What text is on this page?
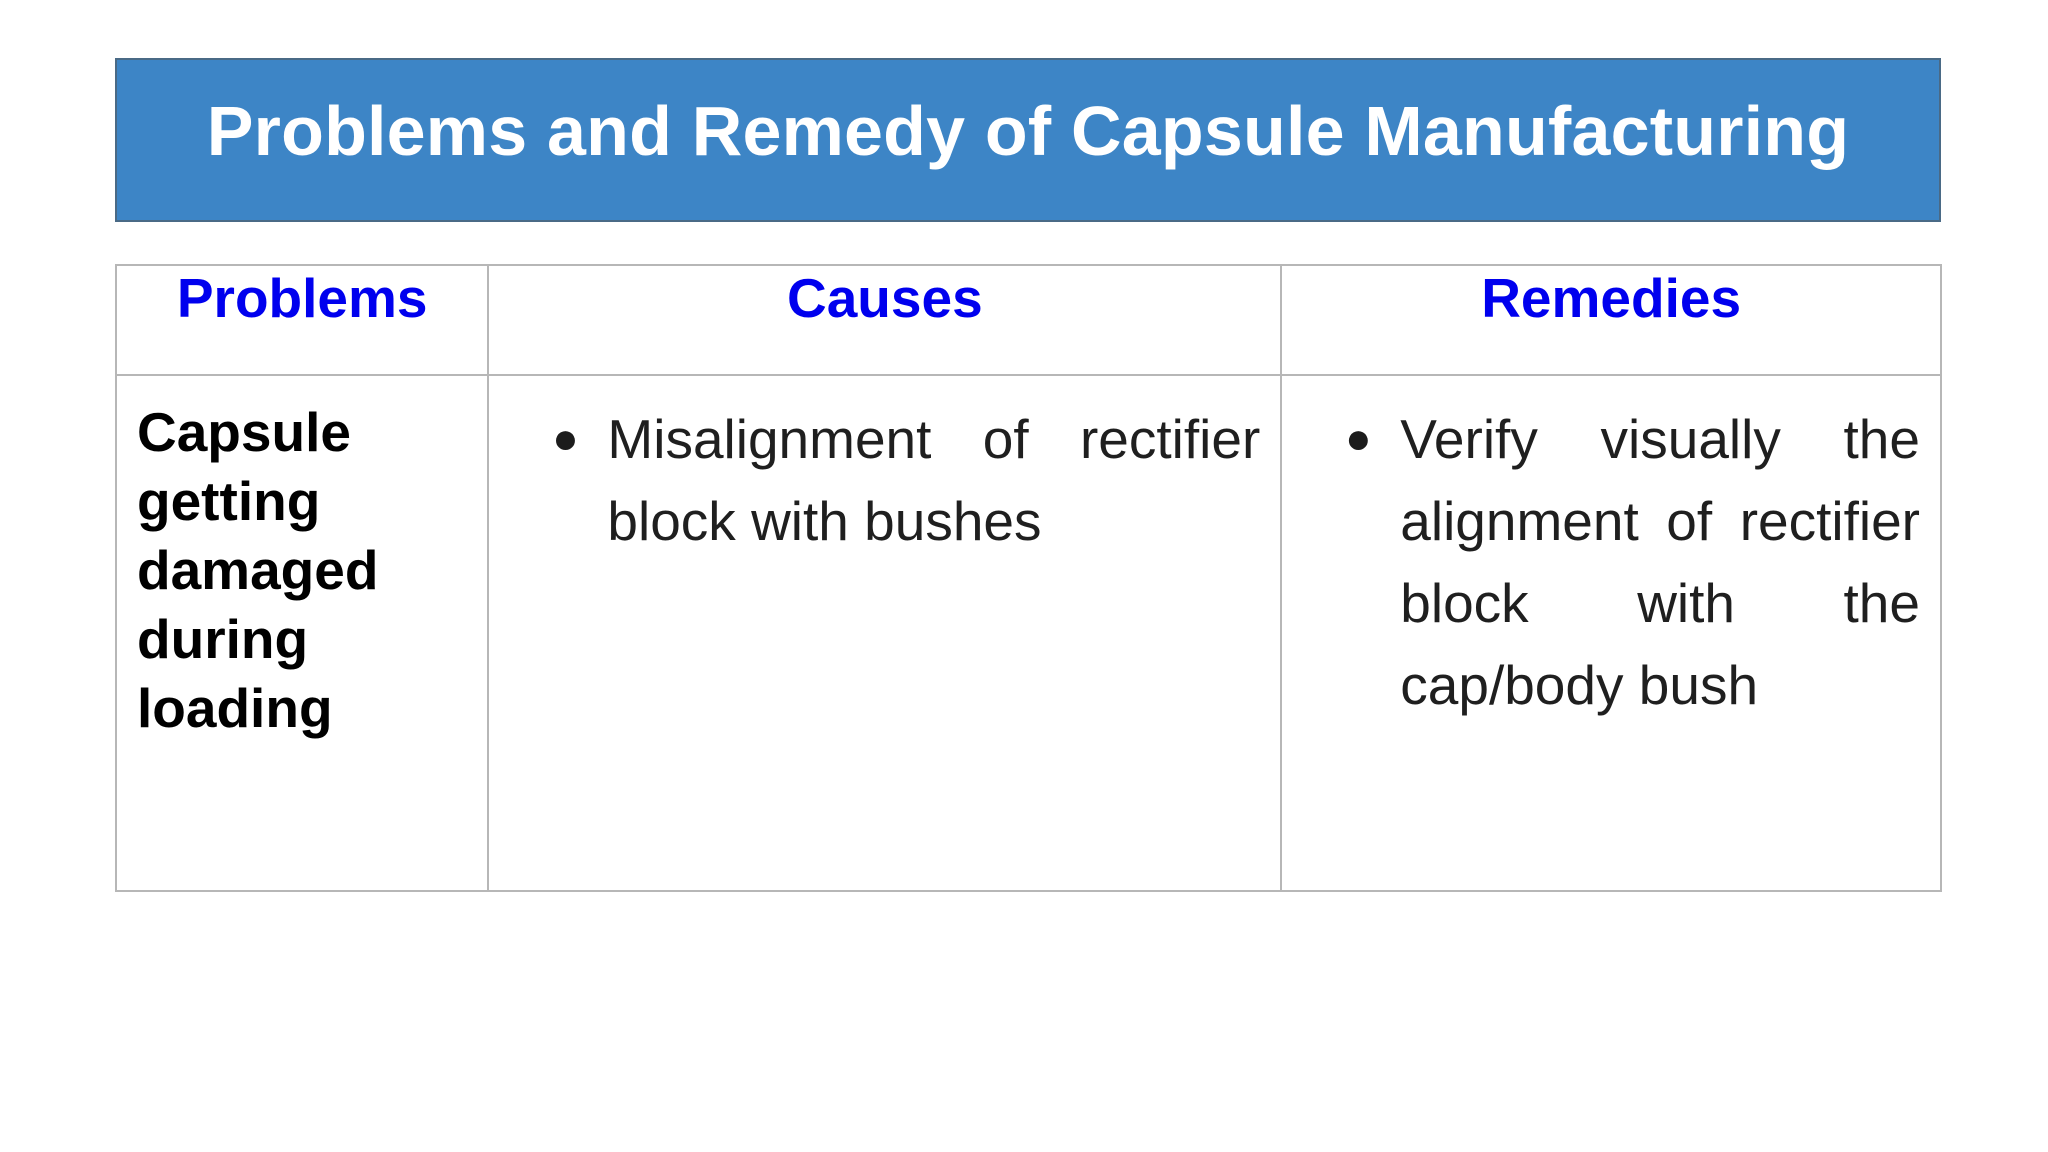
Problems and Remedy of Capsule Manufacturing
Problems	Causes	Remedies
Capsule getting damaged during loading	● Misalignment of rectifier block with bushes	● Verify visually the alignment of rectifier block with the cap/body bush
